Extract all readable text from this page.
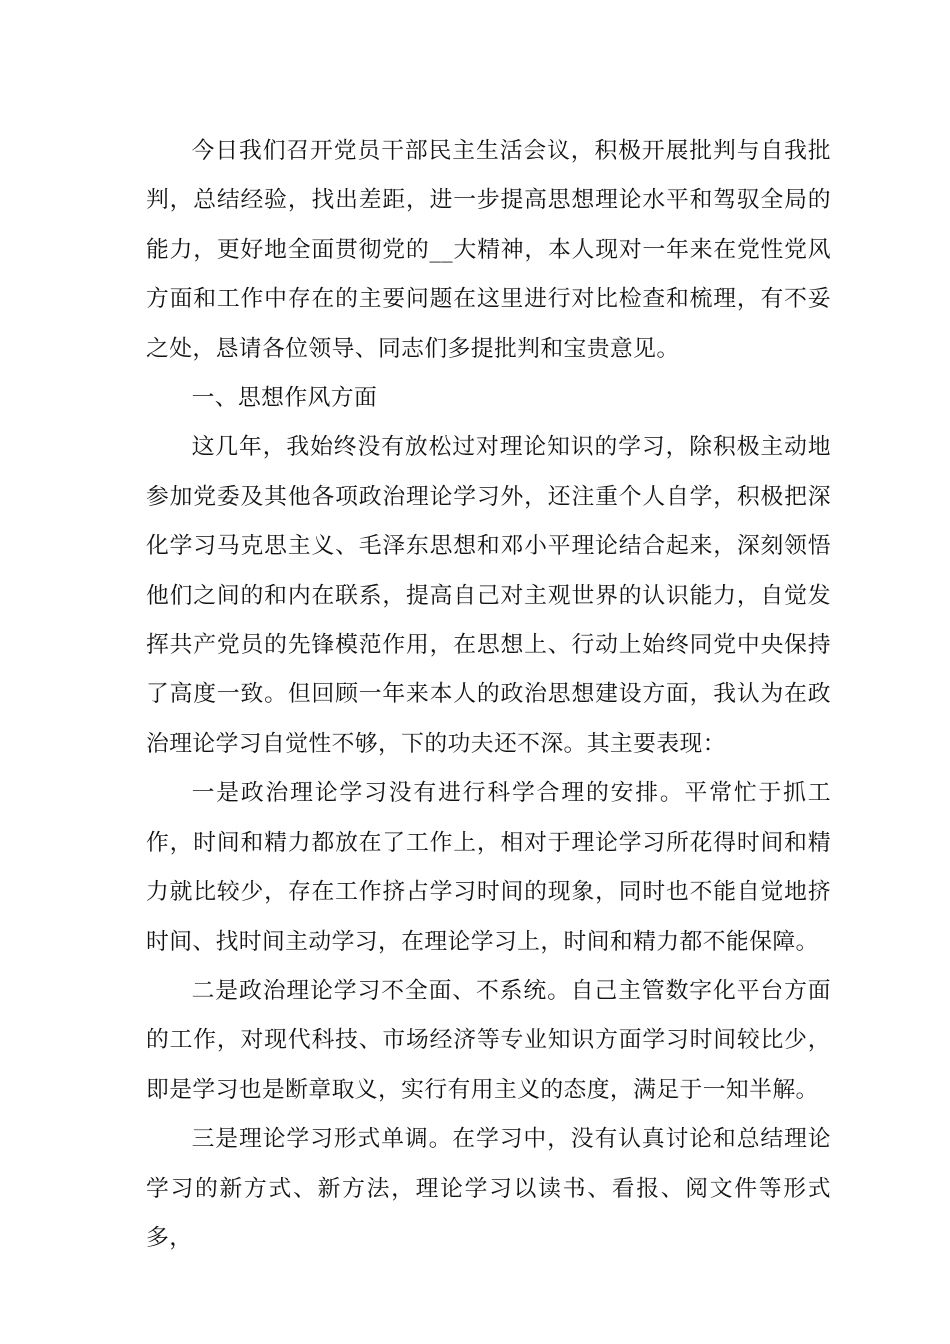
今日我们召开党员干部民主生活会议，积极开展批判与自我批判，总结经验，找出差距，进一步提高思想理论水平和驾驭全局的能力，更好地全面贯彻党的__大精神，本人现对一年来在党性党风方面和工作中存在的主要问题在这里进行对比检查和梳理，有不妥之处，恳请各位领导、同志们多提批判和宝贵意见。

一、思想作风方面

这几年，我始终没有放松过对理论知识的学习，除积极主动地参加党委及其他各项政治理论学习外，还注重个人自学，积极把深化学习马克思主义、毛泽东思想和邓小平理论结合起来，深刻领悟他们之间的和内在联系，提高自己对主观世界的认识能力，自觉发挥共产党员的先锋模范作用，在思想上、行动上始终同党中央保持了高度一致。但回顾一年来本人的政治思想建设方面，我认为在政治理论学习自觉性不够，下的功夫还不深。其主要表现：

一是政治理论学习没有进行科学合理的安排。平常忙于抓工作，时间和精力都放在了工作上，相对于理论学习所花得时间和精力就比较少，存在工作挤占学习时间的现象，同时也不能自觉地挤时间、找时间主动学习，在理论学习上，时间和精力都不能保障。

二是政治理论学习不全面、不系统。自己主管数字化平台方面的工作，对现代科技、市场经济等专业知识方面学习时间较比少，即是学习也是断章取义，实行有用主义的态度，满足于一知半解。

三是理论学习形式单调。在学习中，没有认真讨论和总结理论学习的新方式、新方法，理论学习以读书、看报、阅文件等形式多，
